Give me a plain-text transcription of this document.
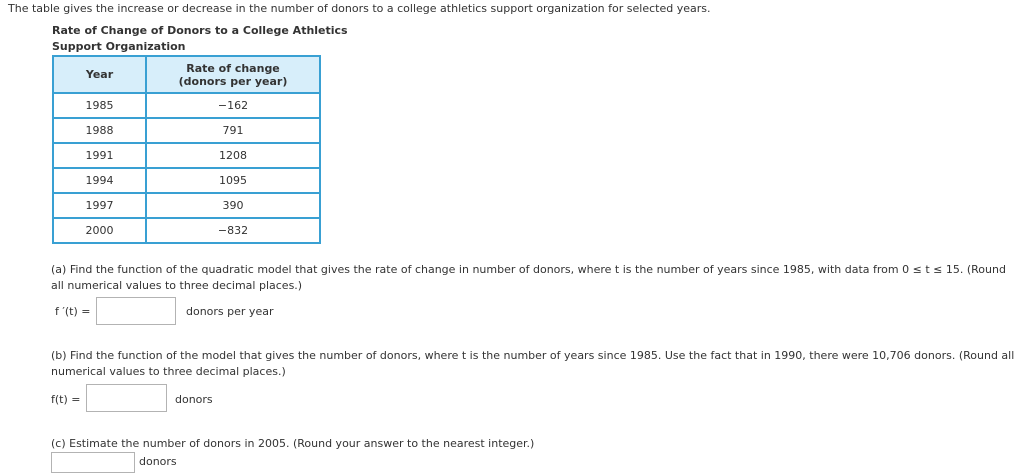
The table gives the increase or decrease in the number of donors to a college athletics support organization for selected years.
Rate of Change of Donors to a College Athletics Support Organization
Year	Rate of change
(donors per year)
1985	−162
1988	791
1991	1208
1994	1095
1997	390
2000	−832
(a) Find the function of the quadratic model that gives the rate of change in number of donors, where t is the number of years since 1985, with data from 0 ≤ t ≤ 15. (Round all numerical values to three decimal places.)
f ′(t) =	donors per year
(b) Find the function of the model that gives the number of donors, where t is the number of years since 1985. Use the fact that in 1990, there were 10,706 donors. (Round all numerical values to three decimal places.)
f(t) =	donors
(c) Estimate the number of donors in 2005. (Round your answer to the nearest integer.)
donors
